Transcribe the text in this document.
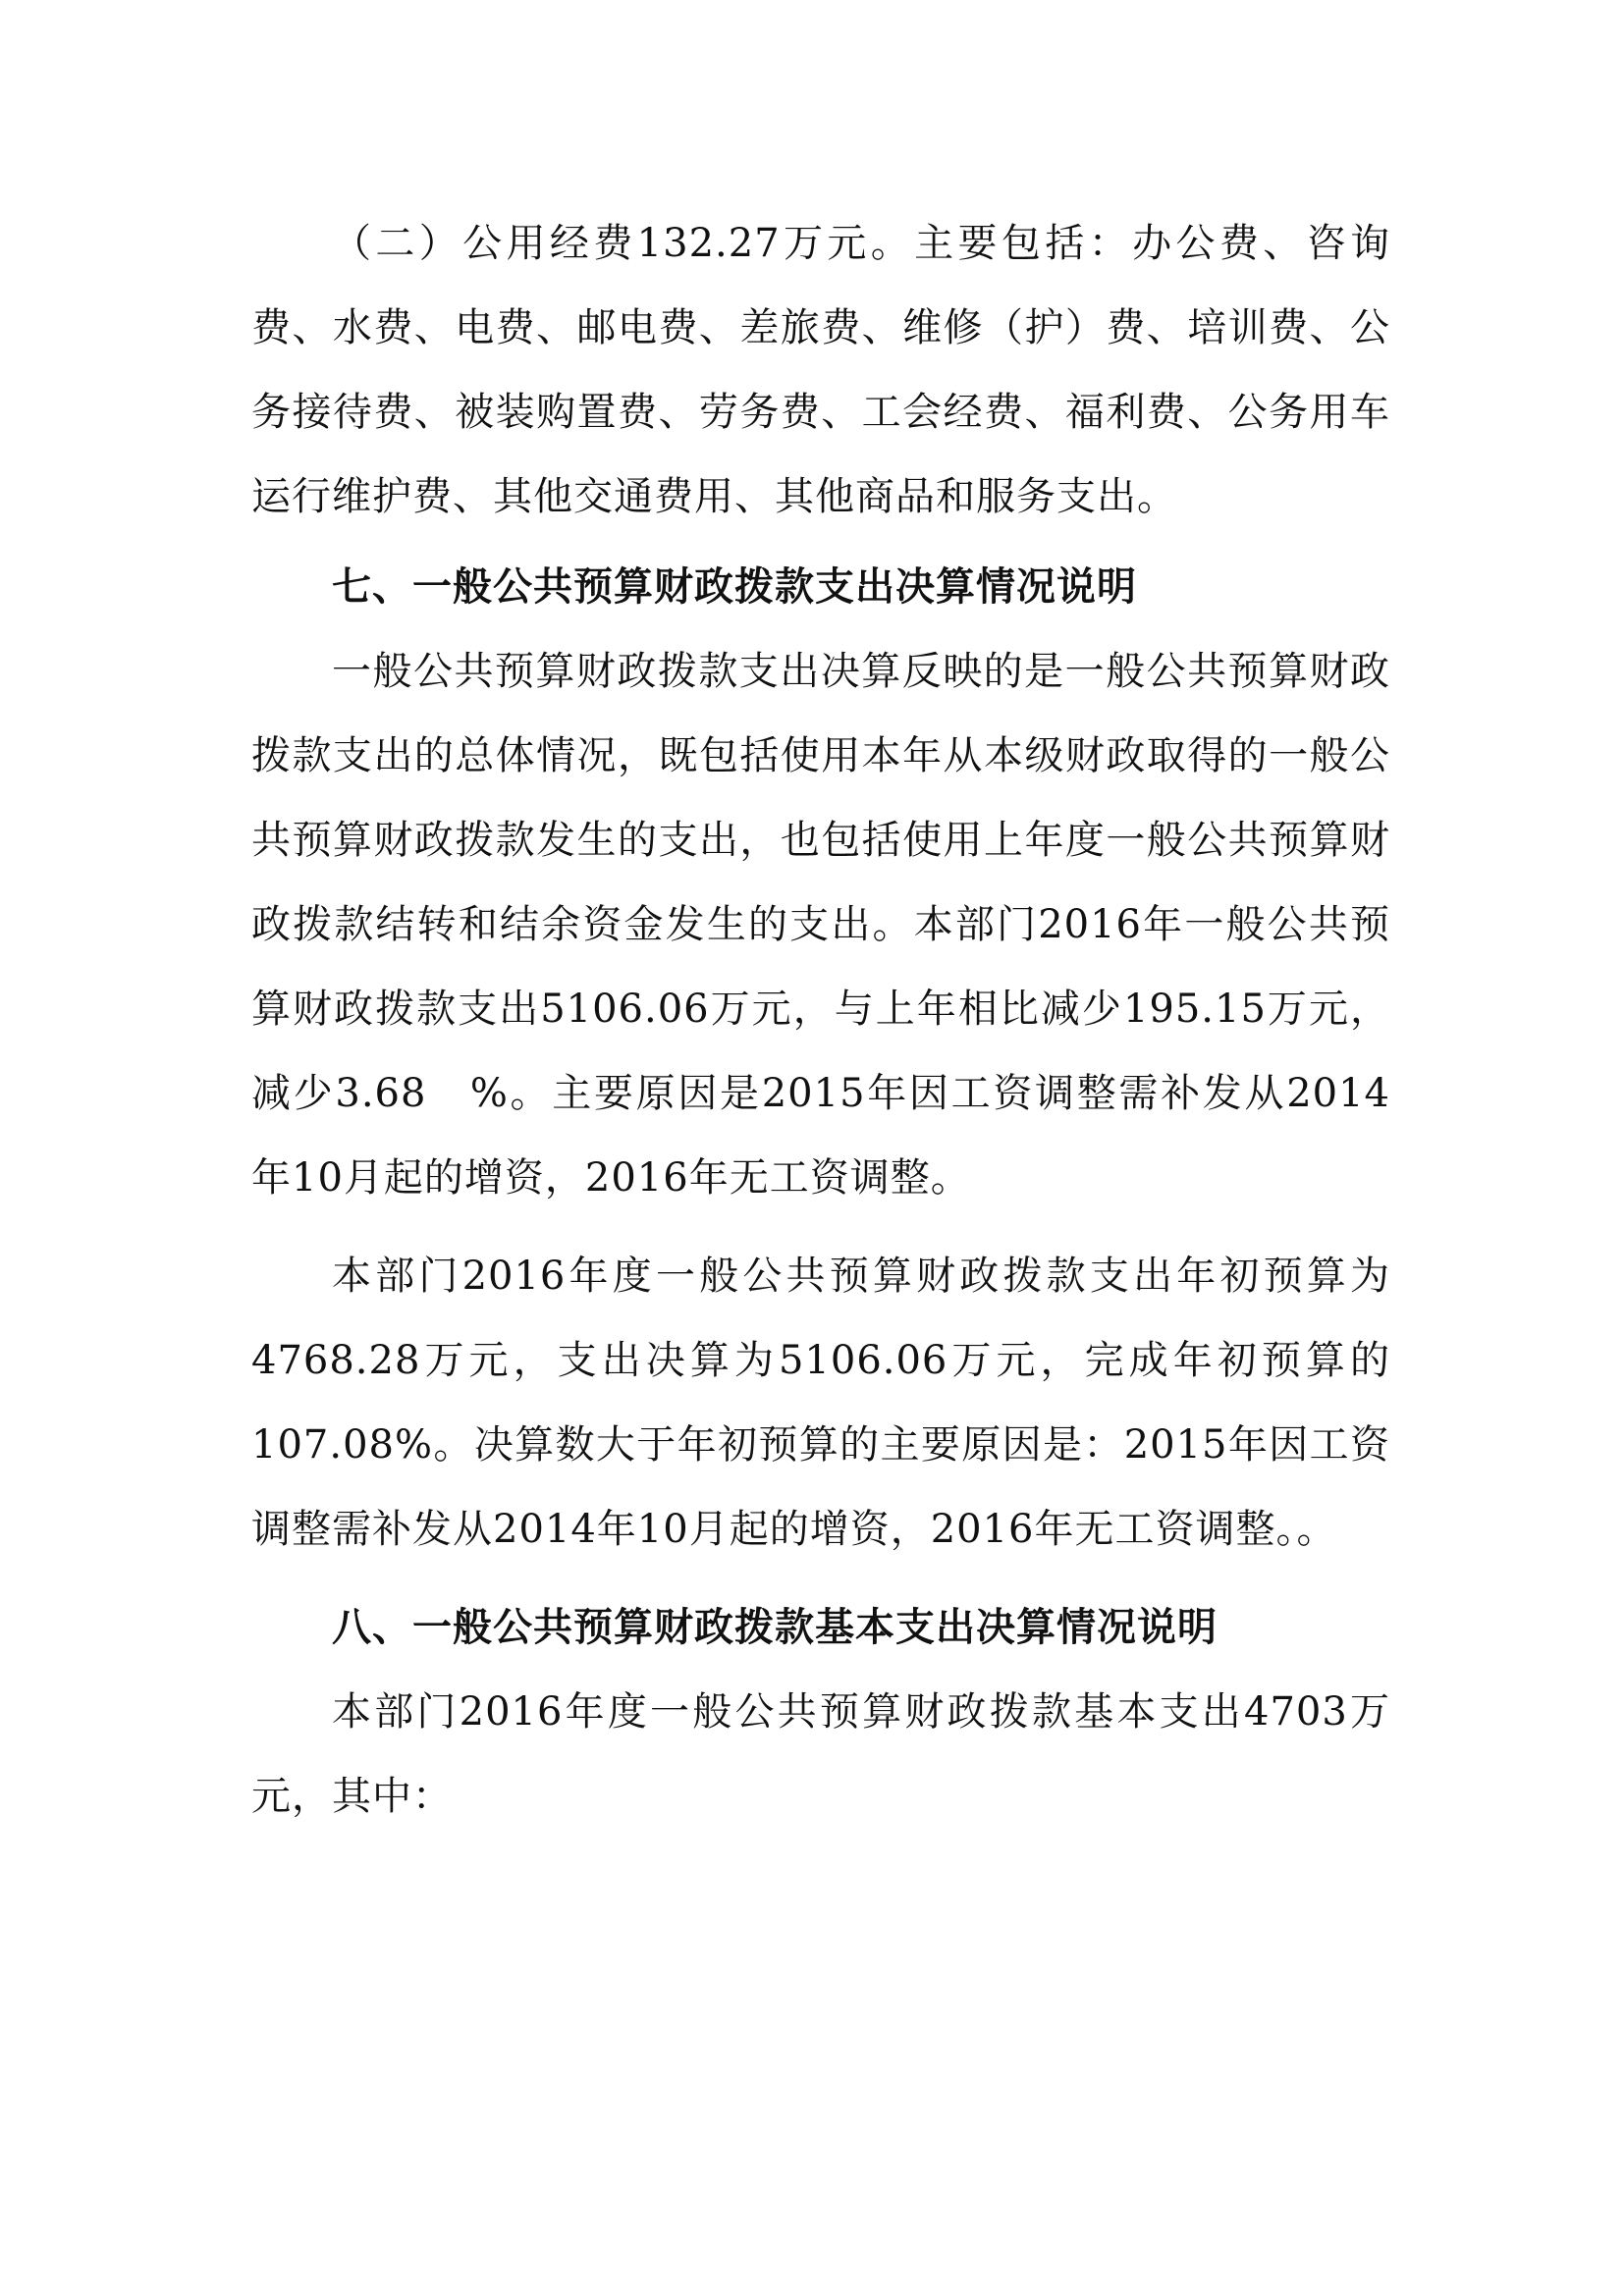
（二）公用经费132.27万元。主要包括：办公费、咨询费、水费、电费、邮电费、差旅费、维修（护）费、培训费、公务接待费、被装购置费、劳务费、工会经费、福利费、公务用车运行维护费、其他交通费用、其他商品和服务支出。

七、一般公共预算财政拨款支出决算情况说明

一般公共预算财政拨款支出决算反映的是一般公共预算财政拨款支出的总体情况，既包括使用本年从本级财政取得的一般公共预算财政拨款发生的支出，也包括使用上年度一般公共预算财政拨款结转和结余资金发生的支出。本部门2016年一般公共预算财政拨款支出5106.06万元，与上年相比减少195.15万元，减少3.68　%。主要原因是2015年因工资调整需补发从2014年10月起的增资，2016年无工资调整。

本部门2016年度一般公共预算财政拨款支出年初预算为　　　4768.28万元，支出决算为5106.06万元，完成年初预算的107.08%。决算数大于年初预算的主要原因是：2015年因工资调整需补发从2014年10月起的增资，2016年无工资调整。。

八、一般公共预算财政拨款基本支出决算情况说明

本部门2016年度一般公共预算财政拨款基本支出4703万元，其中：
